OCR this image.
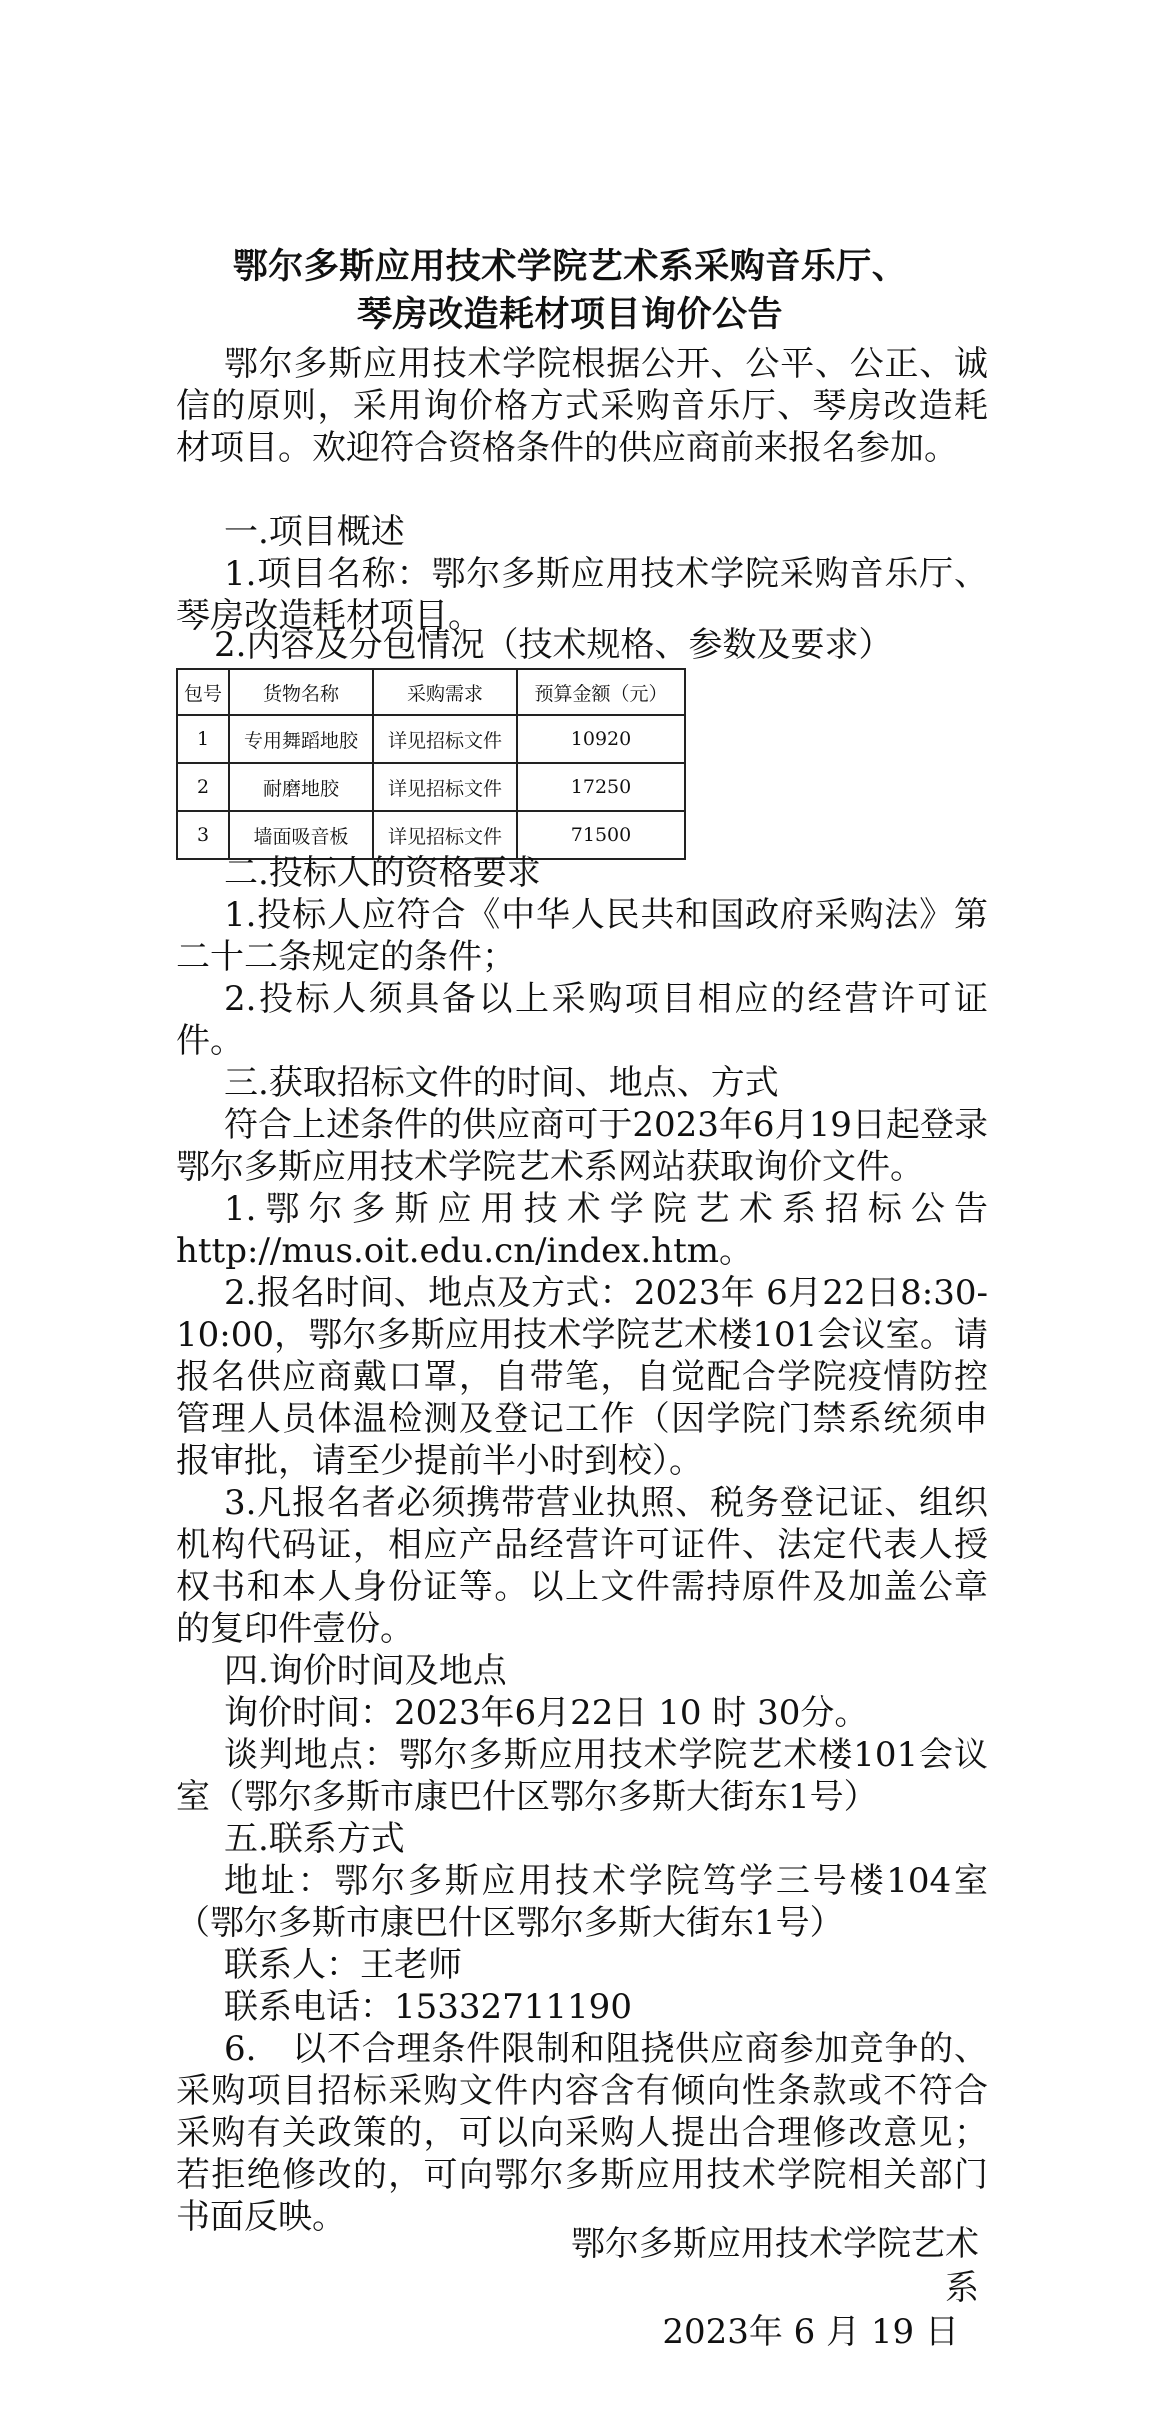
鄂尔多斯应用技术学院艺术系采购音乐厅、
琴房改造耗材项目询价公告

鄂尔多斯应用技术学院根据公开、公平、公正、诚信的原则，采用询价格方式采购音乐厅、琴房改造耗材项目。欢迎符合资格条件的供应商前来报名参加。

一.项目概述

1.项目名称：鄂尔多斯应用技术学院采购音乐厅、琴房改造耗材项目。

2.内容及分包情况（技术规格、参数及要求）

包号	货物名称	采购需求	预算金额（元）
1	专用舞蹈地胶	详见招标文件	10920
2	耐磨地胶	详见招标文件	17250
3	墙面吸音板	详见招标文件	71500

二.投标人的资格要求

1.投标人应符合《中华人民共和国政府采购法》第二十二条规定的条件；

2.投标人须具备以上采购项目相应的经营许可证件。

三.获取招标文件的时间、地点、方式

符合上述条件的供应商可于2023年6月19日起登录鄂尔多斯应用技术学院艺术系网站获取询价文件。

1.鄂尔多斯应用技术学院艺术系招标公告http://mus.oit.edu.cn/index.htm。

2.报名时间、地点及方式：2023年 6月22日8:30-10:00，鄂尔多斯应用技术学院艺术楼101会议室。请报名供应商戴口罩，自带笔，自觉配合学院疫情防控管理人员体温检测及登记工作（因学院门禁系统须申报审批，请至少提前半小时到校）。

3.凡报名者必须携带营业执照、税务登记证、组织机构代码证，相应产品经营许可证件、法定代表人授权书和本人身份证等。以上文件需持原件及加盖公章的复印件壹份。

四.询价时间及地点

询价时间：2023年6月22日 10 时 30分。

谈判地点：鄂尔多斯应用技术学院艺术楼101会议室（鄂尔多斯市康巴什区鄂尔多斯大街东1号）

五.联系方式

地址：鄂尔多斯应用技术学院笃学三号楼104室（鄂尔多斯市康巴什区鄂尔多斯大街东1号）

联系人：王老师

联系电话：15332711190

6.　以不合理条件限制和阻挠供应商参加竞争的、采购项目招标采购文件内容含有倾向性条款或不符合采购有关政策的，可以向采购人提出合理修改意见；若拒绝修改的，可向鄂尔多斯应用技术学院相关部门书面反映。

鄂尔多斯应用技术学院艺术系

2023年 6 月 19 日
